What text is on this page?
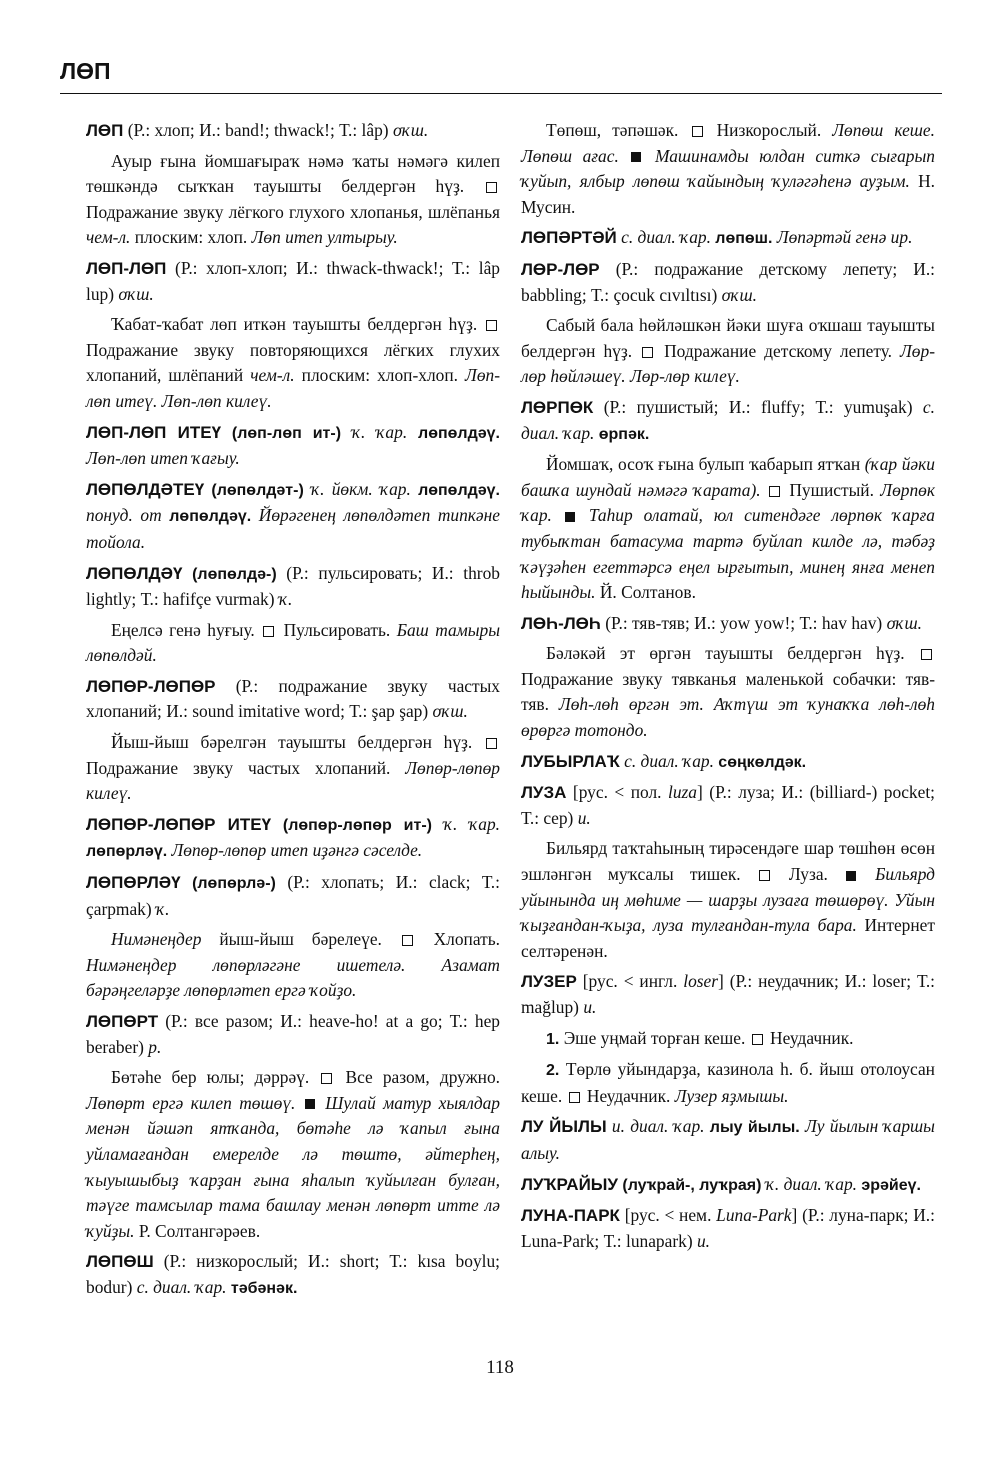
ЛӨП

ЛӨП (Р.: хлоп; И.: band!; thwack!; Т.: lâp) оҡш.

Ауыр ғына йомшағыраҡ нәмә ҡаты нәмәгә килеп төшкәндә сыҡҡан тауышты белдергән һүҙ.  Подражание звуку лёгкого глухого хлопанья, шлёпанья чем-л. плоским: хлоп. Лөп итеп ултырыу.

ЛӨП-ЛӨП (Р.: хлоп-хлоп; И.: thwack-thwack!; Т.: lâp lup) оҡш.

Ҡабат-ҡабат лөп иткән тауышты белдергән һүҙ.  Подражание звуку повторяющихся лёгких глухих хлопаний, шлёпаний чем-л. плоским: хлоп-хлоп. Лөп-лөп итеү. Лөп-лөп килеү.

ЛӨП-ЛӨП ИТЕҮ (лөп-лөп ит-) ҡ. ҡар. лөпөлдәү. Лөп-лөп итеп ҡағыу.

ЛӨПӨЛДӘТЕҮ (лөпөлдәт-) ҡ. йөкм. ҡар. лөпөлдәү. понуд. от лөпөлдәү. Йөрәгенең лөпөлдәтеп типкәне тойола.

ЛӨПӨЛДӘҮ (лөпөлдә-) (Р.: пульсировать; И.: throb lightly; Т.: hafifçe vurmak) ҡ.

Еңелсә генә һуғыу.  Пульсировать. Баш тамыры лөпөлдәй.

ЛӨПӨР-ЛӨПӨР (Р.: подражание звуку частых хлопаний; И.: sound imitative word; Т.: şap şap) оҡш.

Йыш-йыш бәрелгән тауышты белдергән һүҙ.  Подражание звуку частых хлопаний. Лөпөр-лөпөр килеү.

ЛӨПӨР-ЛӨПӨР ИТЕҮ (лөпөр-лөпөр ит-) ҡ. ҡар. лөпөрләү. Лөпөр-лөпөр итеп иҙәнгә сәселде.

ЛӨПӨРЛӘҮ (лөпөрлә-) (Р.: хлопать; И.: clack; Т.: çarpmak) ҡ.

Нимәнеңдер йыш-йыш бәрелеүе.  Хлопать. Нимәнеңдер лөпөрләгәне ишетелә. Азамат бәрәңгеләрҙе лөпөрләтеп ергә ҡойҙо.

ЛӨПӨРТ (Р.: все разом; И.: heave-ho! at a go; Т.: hep beraber) р.

Бөтәһе бер юлы; дәррәү.  Все разом, дружно. Лөпөрт ергә килеп төшөү. Шулай матур хыялдар менән йәшәп ятҡанда, бөтәһе лә ҡапыл ғына уйламағандан емерелде лә төштө, әйтерһең, ҡыуышыбыҙ ҡарҙан ғына яһалып ҡуйылған булған, тәүге тамсылар тама башлау менән лөпөрт итте лә ҡуйҙы. Р. Солтангәрәев.

ЛӨПӨШ (Р.: низкорослый; И.: short; Т.: kısa boylu; bodur) с. диал. ҡар. тәбәнәк.

Төпөш, тәпәшәк.  Низкорослый. Лөпөш кеше. Лөпөш ағас. Машинамды юлдан ситкә сығарып ҡуйып, ялбыр лөпөш ҡайындың ҡуләгәһенә ауҙым. Н. Мусин.

ЛӨПӘРТӘЙ с. диал. ҡар. лөпөш. Лөпәртәй генә ир.

ЛӨР-ЛӨР (Р.: подражание детскому лепету; И.: babbling; Т.: çocuk cıvıltısı) оҡш.

Сабый бала һөйләшкән йәки шуға оҡшаш тауышты белдергән һүҙ.  Подражание детскому лепету. Лөр-лөр һөйләшеү. Лөр-лөр килеү.

ЛӨРПӨК (Р.: пушистый; И.: fluffy; Т.: yumuşak) с. диал. ҡар. өрпәк.

Йомшаҡ, осоҡ ғына булып ҡабарып ятҡан (ҡар йәки башҡа шундай нәмәгә ҡарата).  Пушистый. Лөрпөк ҡар. Таһир олатай, юл ситендәге лөрпөк ҡарға тубыҡтан батасума тартә буйлап килде лә, тәбәҙ ҡәүҙәһен егеттәрсә еңел ырғытып, минең янға менеп һыйынды. Й. Солтанов.

ЛӨҺ-ЛӨҺ (Р.: тяв-тяв; И.: yow yow!; Т.: hav hav) оҡш.

Бәләкәй эт өргән тауышты белдергән һүҙ.  Подражание звуку тявканья маленькой собачки: тяв-тяв. Лөһ-лөһ өргән эт. Аҡтүш эт ҡунаҡҡа лөһ-лөһ өрөргә тотондо.

ЛУБЫРЛАҠ с. диал. ҡар. сөңкөлдәк.

ЛУЗА [рус. < пол. luza] (Р.: луза; И.: (billiard-) pocket; Т.: cep) и.

Бильярд таҡтаһының тирәсендәге шар төшһөн өсөн эшләнгән муҡсалы тишек.  Луза.  Бильярд уйынында иң мөһиме — шарҙы лузаға төшөрөү. Уйын ҡыҙғандан-ҡыҙа, луза тулғандан-тула бара. Интернет селтәренән.

ЛУЗЕР [рус. < ингл. loser] (Р.: неудачник; И.: loser; Т.: mağlup) и.

1. Эше уңмай торған кеше.  Неудачник.

2. Төрлө уйындарҙа, казинола һ. б. йыш отолоусан кеше.  Неудачник. Лузер яҙмышы.

ЛУ ЙЫЛЫ и. диал. ҡар. лыу йылы. Лу йылын ҡаршы алыу.

ЛУҠРАЙЫУ (луҡрай-, луҡрая) ҡ. диал. ҡар. эрәйеү.

ЛУНА-ПАРК [рус. < нем. Luna-Park] (Р.: луна-парк; И.: Luna-Park; Т.: lunapark) и.

118
